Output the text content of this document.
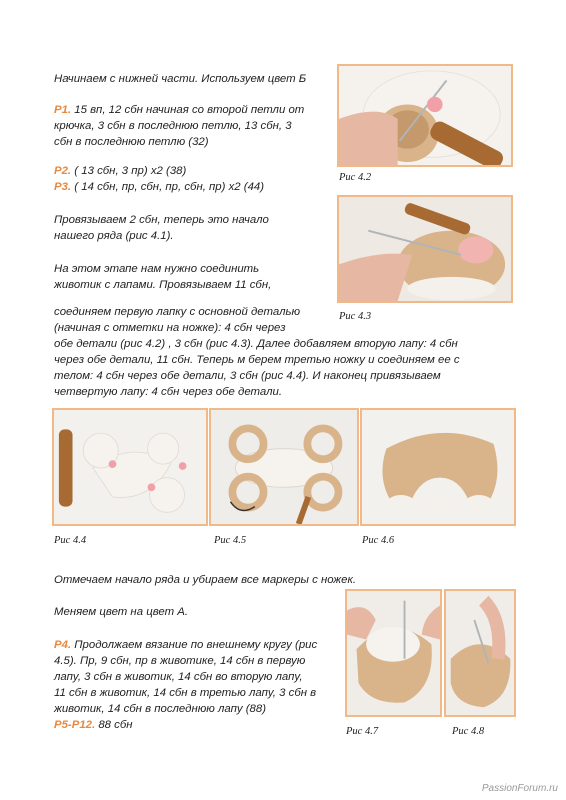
Начинаем с нижней части. Используем цвет Б

Р1. 15 вп, 12 сбн начиная со второй петли от

крючка, 3 сбн в последнюю петлю, 13 сбн, 3

сбн в последнюю петлю (32)

Р2. ( 13 сбн, 3 пр) х2 (38)

Р3. ( 14 сбн, пр, сбн, пр, сбн, пр) х2 (44)

Провязываем 2 сбн, теперь это начало

нашего ряда (рис 4.1).

На этом этапе нам нужно соединить

животик с лапами. Провязываем 11 сбн,

соединяем первую лапку с основной деталью

(начиная с отметки на ножке): 4 сбн через

обе детали (рис 4.2) , 3 сбн (рис 4.3). Далее добавляем вторую лапу: 4 сбн

через обе детали, 11 сбн. Теперь м берем третью ножку и соединяем ее с

телом: 4 сбн через обе детали, 3 сбн (рис 4.4). И наконец привязываем

четвертую лапу: 4 сбн через обе детали.

Рис 4.2
Рис 4.3
Рис 4.4	Рис 4.5	Рис 4.6

Отмечаем начало ряда и убираем все маркеры с ножек.

Меняем цвет на цвет А.

Р4. Продолжаем вязание по внешнему кругу (рис

4.5). Пр, 9 сбн, пр в животике, 14 сбн в первую

лапу, 3 сбн в животик, 14 сбн во вторую лапу,

11 сбн в животик, 14 сбн в третью лапу, 3 сбн в

животик, 14 сбн в последнюю лапу (88)

Р5-Р12. 88 сбн

Рис 4.7	Рис 4.8
PassionForum.ru
